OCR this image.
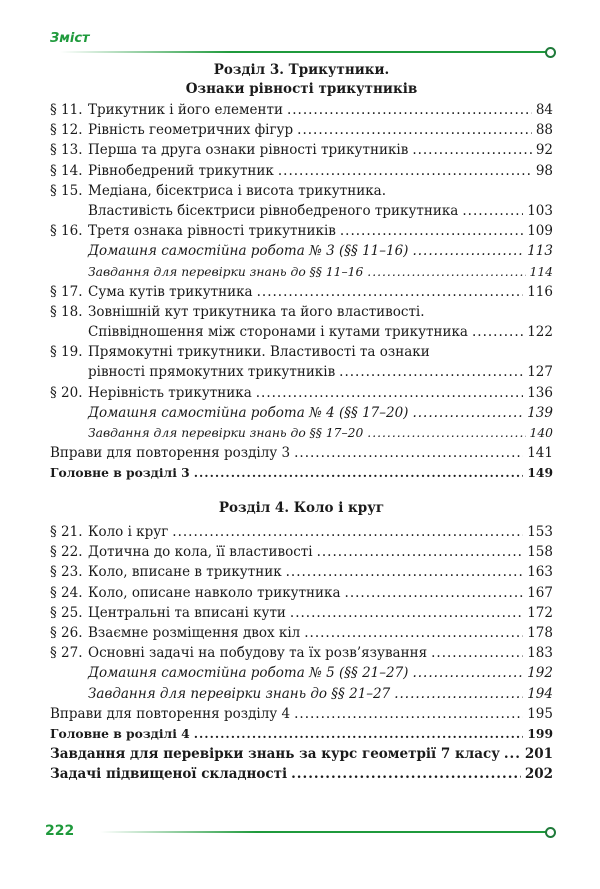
Зміст
Розділ 3. Трикутники.
Ознаки рівності трикутників
§ 11. Трикутник і його елементи .....	84
§ 12. Рівність геометричних фігур .....	88
§ 13. Перша та друга ознаки рівності трикутників .....	92
§ 14. Рівнобедрений трикутник .....	98
§ 15. Медіана, бісектриса і висота трикутника.
Властивість бісектриси рівнобедреного трикутника .....	103
§ 16. Третя ознака рівності трикутників .....	109
Домашня самостійна робота № 3 (§§ 11–16) .....	113
Завдання для перевірки знань до §§ 11–16 .....	114
§ 17. Сума кутів трикутника .....	116
§ 18. Зовнішній кут трикутника та його властивості.
Співвідношення між сторонами і кутами трикутника .....	122
§ 19. Прямокутні трикутники. Властивості та ознаки
рівності прямокутних трикутників .....	127
§ 20. Нерівність трикутника .....	136
Домашня самостійна робота № 4 (§§ 17–20) .....	139
Завдання для перевірки знань до §§ 17–20 .....	140
Вправи для повторення розділу 3 .....	141
Головне в розділі 3 .....	149
Розділ 4. Коло і круг
§ 21. Коло і круг .....	153
§ 22. Дотична до кола, її властивості .....	158
§ 23. Коло, вписане в трикутник .....	163
§ 24. Коло, описане навколо трикутника .....	167
§ 25. Центральні та вписані кути .....	172
§ 26. Взаємне розміщення двох кіл .....	178
§ 27. Основні задачі на побудову та їх розв’язування .....	183
Домашня самостійна робота № 5 (§§ 21–27) .....	192
Завдання для перевірки знань до §§ 21–27 .....	194
Вправи для повторення розділу 4 .....	195
Головне в розділі 4 .....	199
Завдання для перевірки знань за курс геометрії 7 класу ..... 201
Задачі підвищеної складності .....	202
222
